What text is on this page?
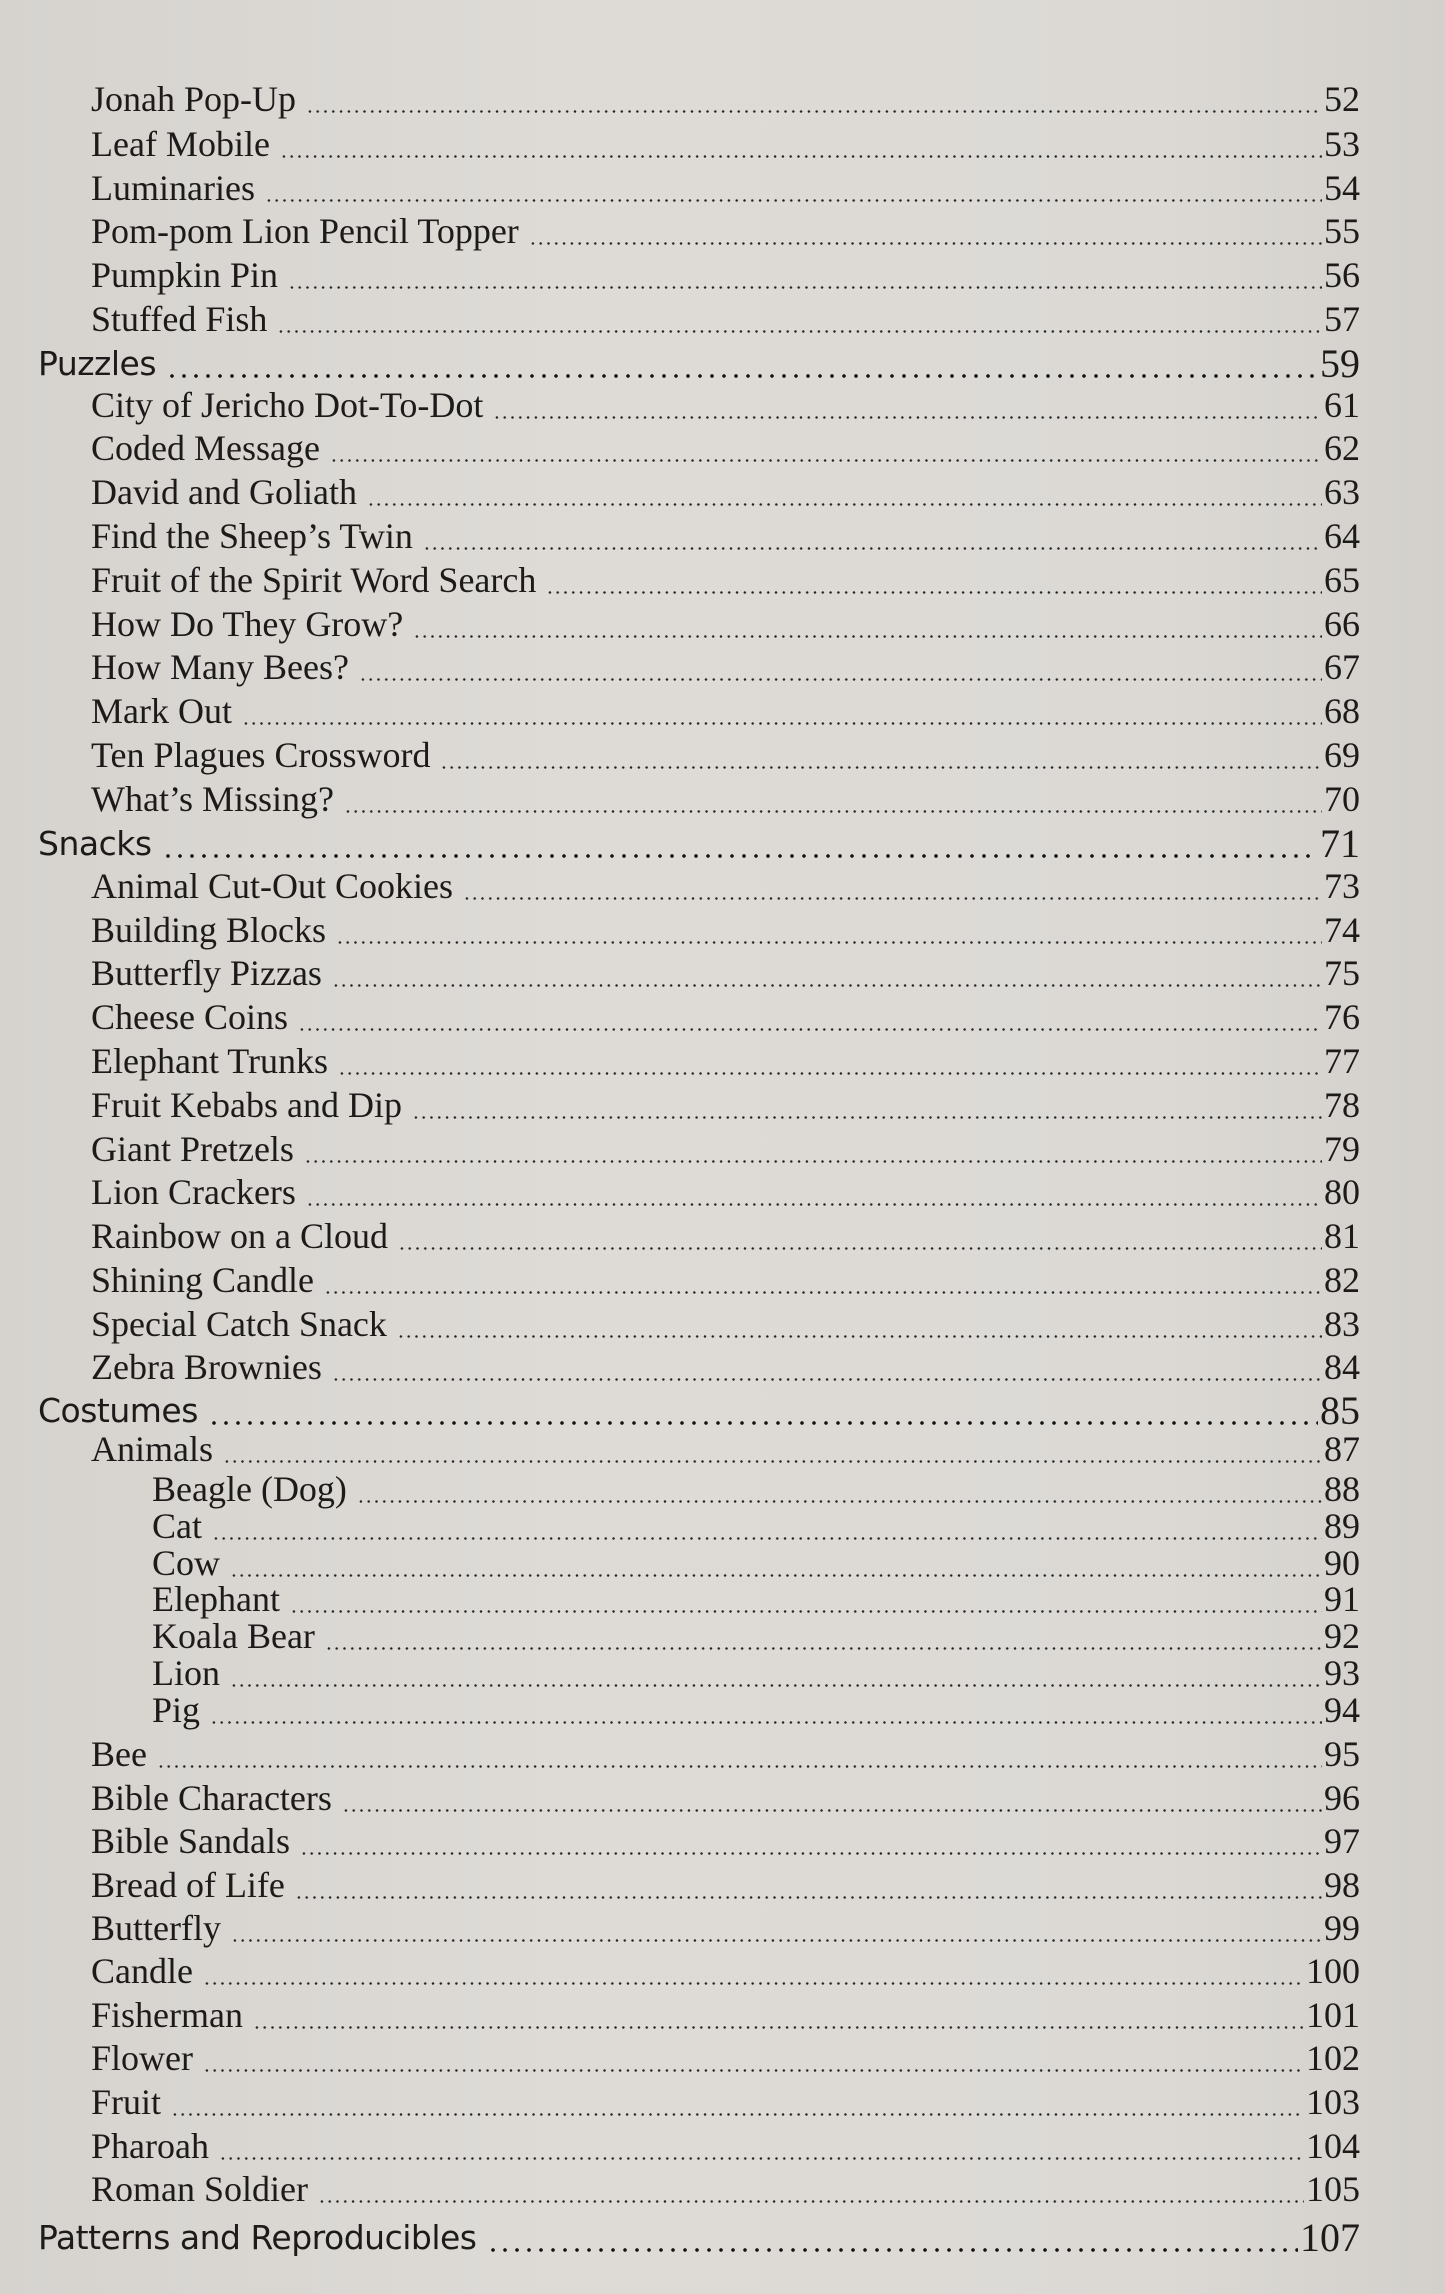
Jonah Pop-Up	52
Leaf Mobile	53
Luminaries	54
Pom-pom Lion Pencil Topper	55
Pumpkin Pin	56
Stuffed Fish	57
Puzzles	59
City of Jericho Dot-To-Dot	61
Coded Message	62
David and Goliath	63
Find the Sheep’s Twin	64
Fruit of the Spirit Word Search	65
How Do They Grow?	66
How Many Bees?	67
Mark Out	68
Ten Plagues Crossword	69
What’s Missing?	70
Snacks	71
Animal Cut-Out Cookies	73
Building Blocks	74
Butterfly Pizzas	75
Cheese Coins	76
Elephant Trunks	77
Fruit Kebabs and Dip	78
Giant Pretzels	79
Lion Crackers	80
Rainbow on a Cloud	81
Shining Candle	82
Special Catch Snack	83
Zebra Brownies	84
Costumes	85
Animals	87
Beagle (Dog)	88
Cat	89
Cow	90
Elephant	91
Koala Bear	92
Lion	93
Pig	94
Bee	95
Bible Characters	96
Bible Sandals	97
Bread of Life	98
Butterfly	99
Candle	100
Fisherman	101
Flower	102
Fruit	103
Pharoah	104
Roman Soldier	105
Patterns and Reproducibles	107
